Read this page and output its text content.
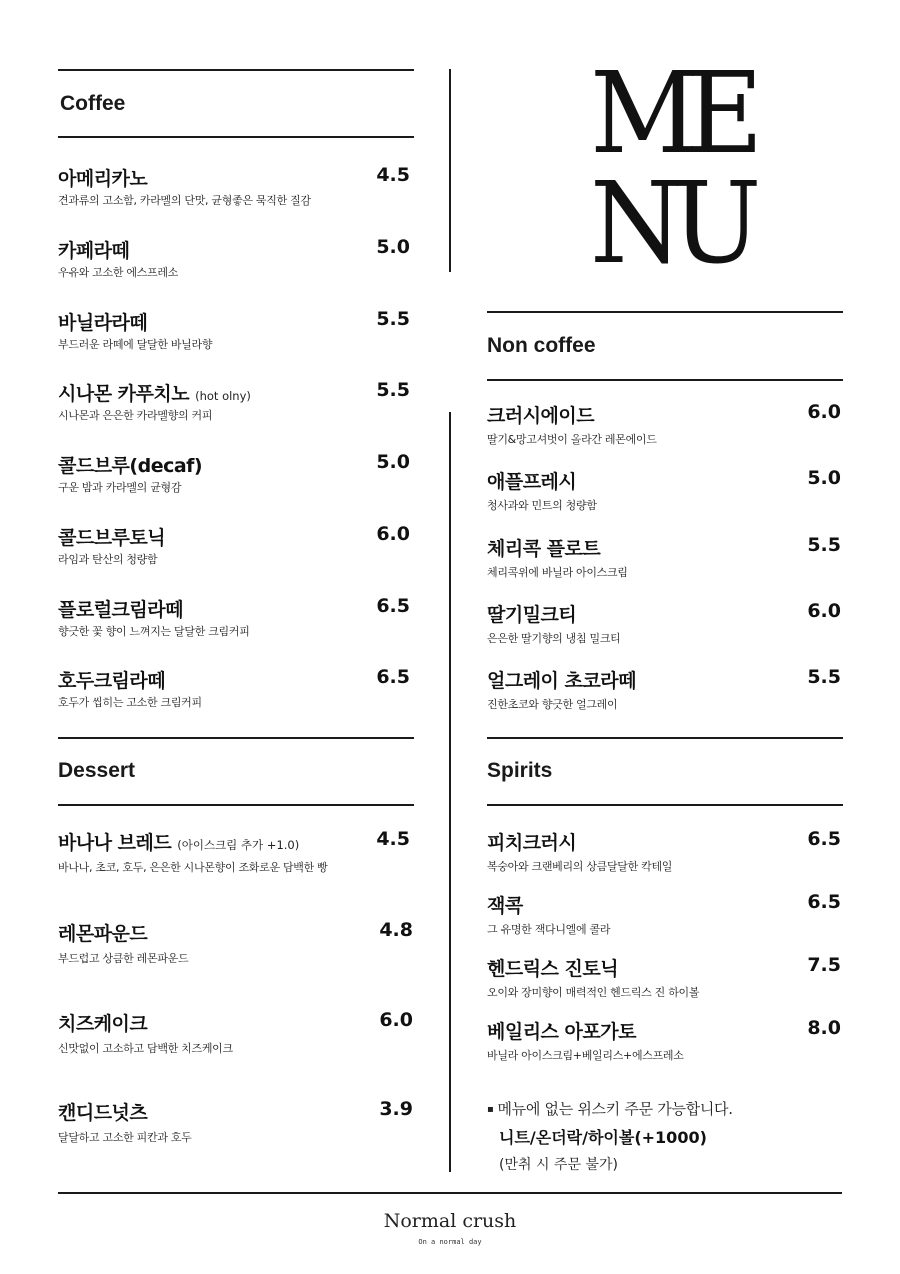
ME
NU
Coffee
Dessert
Non coffee
Spirits
아메리카노
견과류의 고소함, 카라멜의 단맛, 균형좋은 묵직한 질감
4.5
카페라떼
우유와 고소한 에스프레소
5.0
바닐라라떼
부드러운 라떼에 달달한 바닐라향
5.5
시나몬 카푸치노 (hot olny)
시나몬과 은은한 카라멜향의 커피
5.5
콜드브루(decaf)
구운 밤과 카라멜의 균형감
5.0
콜드브루토닉
라임과 탄산의 청량함
6.0
플로럴크림라떼
향긋한 꽃 향이 느껴지는 달달한 크림커피
6.5
호두크림라떼
호두가 씹히는 고소한 크림커피
6.5
바나나 브레드 (아이스크림 추가 +1.0)
바나나, 초코, 호두, 은은한 시나몬향이 조화로운 담백한 빵
4.5
레몬파운드
부드럽고 상큼한 레몬파운드
4.8
치즈케이크
신맛없이 고소하고 담백한 치즈케이크
6.0
캔디드넛츠
달달하고 고소한 피칸과 호두
3.9
크러시에이드
딸기&망고셔벗이 올라간 레몬에이드
6.0
애플프레시
청사과와 민트의 청량함
5.0
체리콕 플로트
체리콕위에 바닐라 아이스크림
5.5
딸기밀크티
은은한 딸기향의 냉침 밀크티
6.0
얼그레이 초코라떼
진한초코와 향긋한 얼그레이
5.5
피치크러시
복숭아와 크랜베리의 상큼달달한 칵테일
6.5
잭콕
그 유명한 잭다니엘에 콜라
6.5
헨드릭스 진토닉
오이와 장미향이 매력적인 헨드릭스 진 하이볼
7.5
베일리스 아포가토
바닐라 아이스크림+베일리스+에스프레소
8.0
▪ 메뉴에 없는 위스키 주문 가능합니다.
니트/온더락/하이볼(+1000)
(만취 시 주문 불가)
Normal crush
On a normal day
